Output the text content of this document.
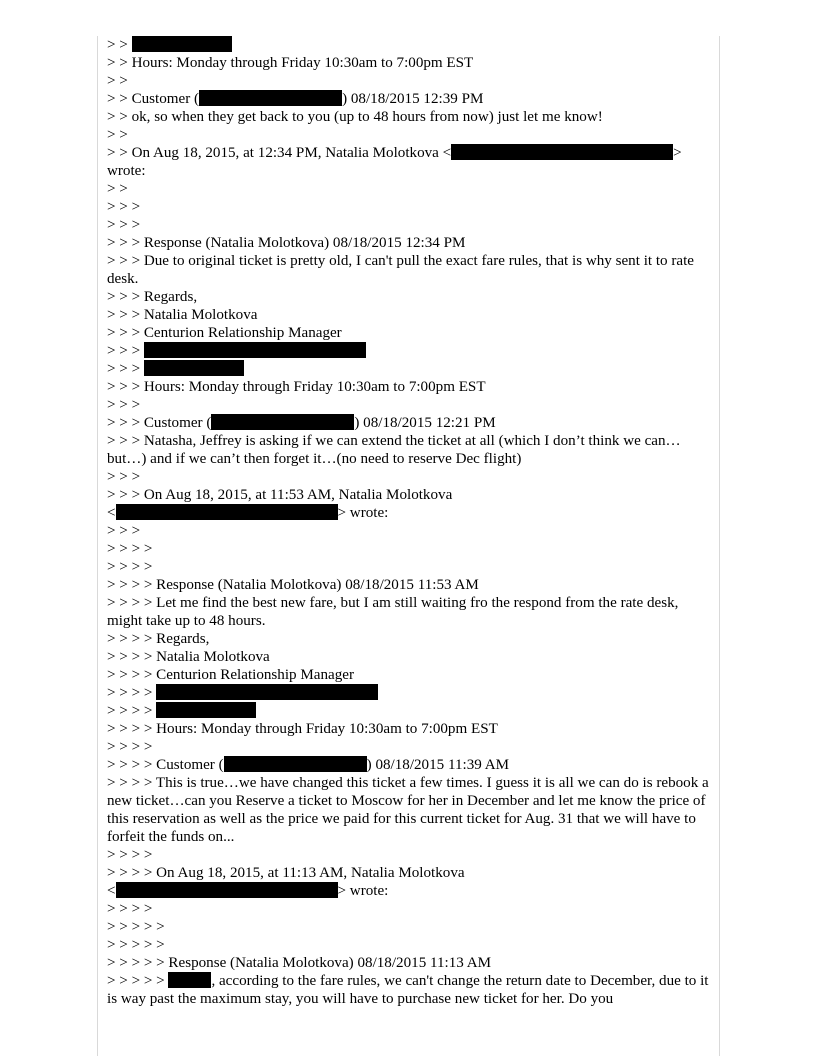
> >
> > Hours: Monday through Friday 10:30am to 7:00pm EST
> >
> > Customer (	) 08/18/2015 12:39 PM
> > ok, so when they get back to you (up to 48 hours from now) just let me know!
> >
> > On Aug 18, 2015, at 12:34 PM, Natalia Molotkova <	>
wrote:
> >
> > >
> > >
> > > Response (Natalia Molotkova) 08/18/2015 12:34 PM
> > > Due to original ticket is pretty old, I can't pull the exact fare rules, that is why sent it to rate desk.
> > > Regards,
> > > Natalia Molotkova
> > > Centurion Relationship Manager
> > >
> > >
> > > Hours: Monday through Friday 10:30am to 7:00pm EST
> > >
> > > Customer (	) 08/18/2015 12:21 PM
> > > Natasha, Jeffrey is asking if we can extend the ticket at all (which I don’t think we can…but…) and if we can’t then forget it…(no need to reserve Dec flight)
> > >
> > > On Aug 18, 2015, at 11:53 AM, Natalia Molotkova
<	> wrote:
> > >
> > > >
> > > >
> > > > Response (Natalia Molotkova) 08/18/2015 11:53 AM
> > > > Let me find the best new fare, but I am still waiting fro the respond from the rate desk, might take up to 48 hours.
> > > > Regards,
> > > > Natalia Molotkova
> > > > Centurion Relationship Manager
> > > >
> > > >
> > > > Hours: Monday through Friday 10:30am to 7:00pm EST
> > > >
> > > > Customer (	) 08/18/2015 11:39 AM
> > > > This is true…we have changed this ticket a few times. I guess it is all we can do is rebook a new ticket…can you Reserve a ticket to Moscow for her in December and let me know the price of this reservation as well as the price we paid for this current ticket for Aug. 31 that we will have to forfeit the funds on...
> > > >
> > > > On Aug 18, 2015, at 11:13 AM, Natalia Molotkova
<	> wrote:
> > > >
> > > > >
> > > > >
> > > > > Response (Natalia Molotkova) 08/18/2015 11:13 AM
> > > > >	, according to the fare rules, we can't change the return date to December, due to it is way past the maximum stay, you will have to purchase new ticket for her. Do you
